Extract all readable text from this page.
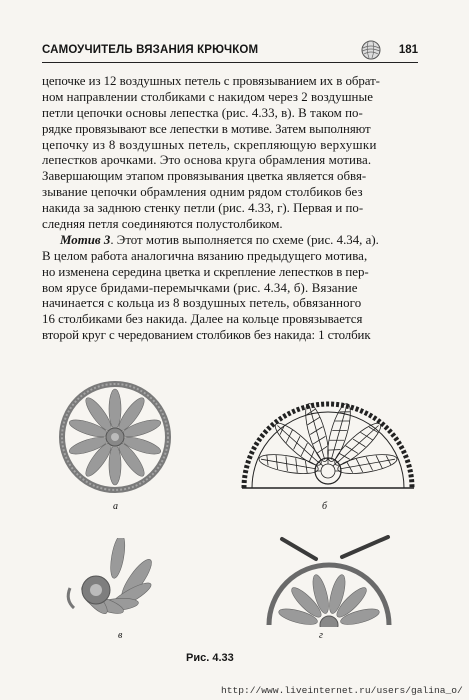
САМОУЧИТЕЛЬ ВЯЗАНИЯ КРЮЧКОМ	181
цепочке из 12 воздушных петель с провязыванием их в обрат-
ном направлении столбиками с накидом через 2 воздушные
петли цепочки основы лепестка (рис. 4.33, в). В таком по-
рядке провязывают все лепестки в мотиве. Затем выполняют
цепочку из 8 воздушных петель, скрепляющую верхушки
лепестков арочками. Это основа круга обрамления мотива.
Завершающим этапом провязывания цветка является обвя-
зывание цепочки обрамления одним рядом столбиков без
накида за заднюю стенку петли (рис. 4.33, г). Первая и по-
следняя петля соединяются полустолбиком.
Мотив 3. Этот мотив выполняется по схеме (рис. 4.34, а).
В целом работа аналогична вязанию предыдущего мотива,
но изменена середина цветка и скрепление лепестков в пер-
вом ярусе бридами-перемычками (рис. 4.34, б). Вязание
начинается с кольца из 8 воздушных петель, обвязанного
16 столбиками без накида. Далее на кольце провязывается
второй круг с чередованием столбиков без накида: 1 столбик
а	б
в	г
Рис. 4.33
http://www.liveinternet.ru/users/galina_o/
